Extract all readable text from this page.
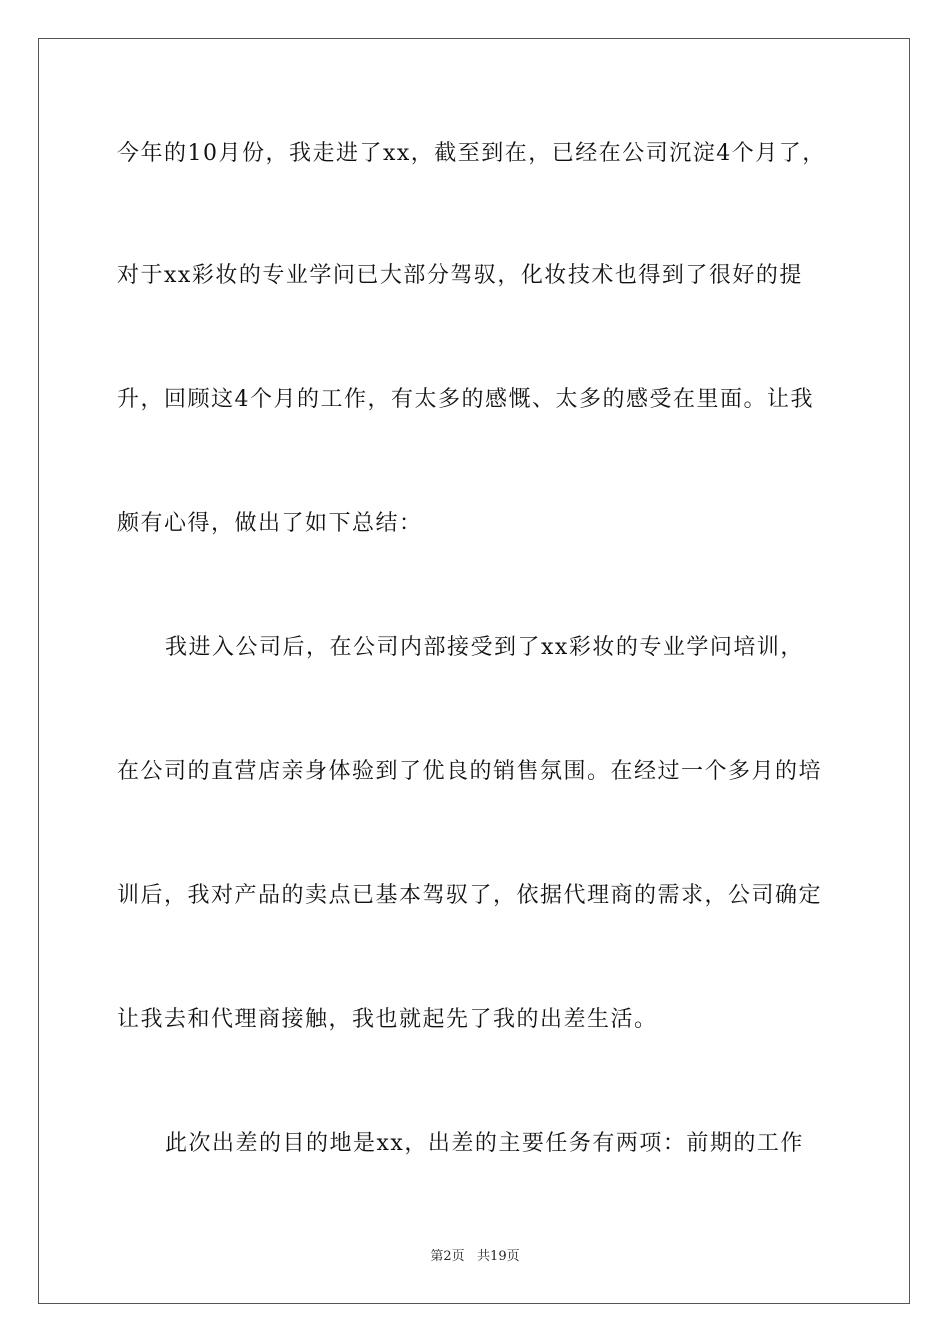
今年的10月份，我走进了xx，截至到在，已经在公司沉淀4个月了，
对于xx彩妆的专业学问已大部分驾驭，化妆技术也得到了很好的提
升，回顾这4个月的工作，有太多的感慨、太多的感受在里面。让我
颇有心得，做出了如下总结：
我进入公司后，在公司内部接受到了xx彩妆的专业学问培训，
在公司的直营店亲身体验到了优良的销售氛围。在经过一个多月的培
训后，我对产品的卖点已基本驾驭了，依据代理商的需求，公司确定
让我去和代理商接触，我也就起先了我的出差生活。
此次出差的目的地是xx，出差的主要任务有两项：前期的工作
第2页   共19页
